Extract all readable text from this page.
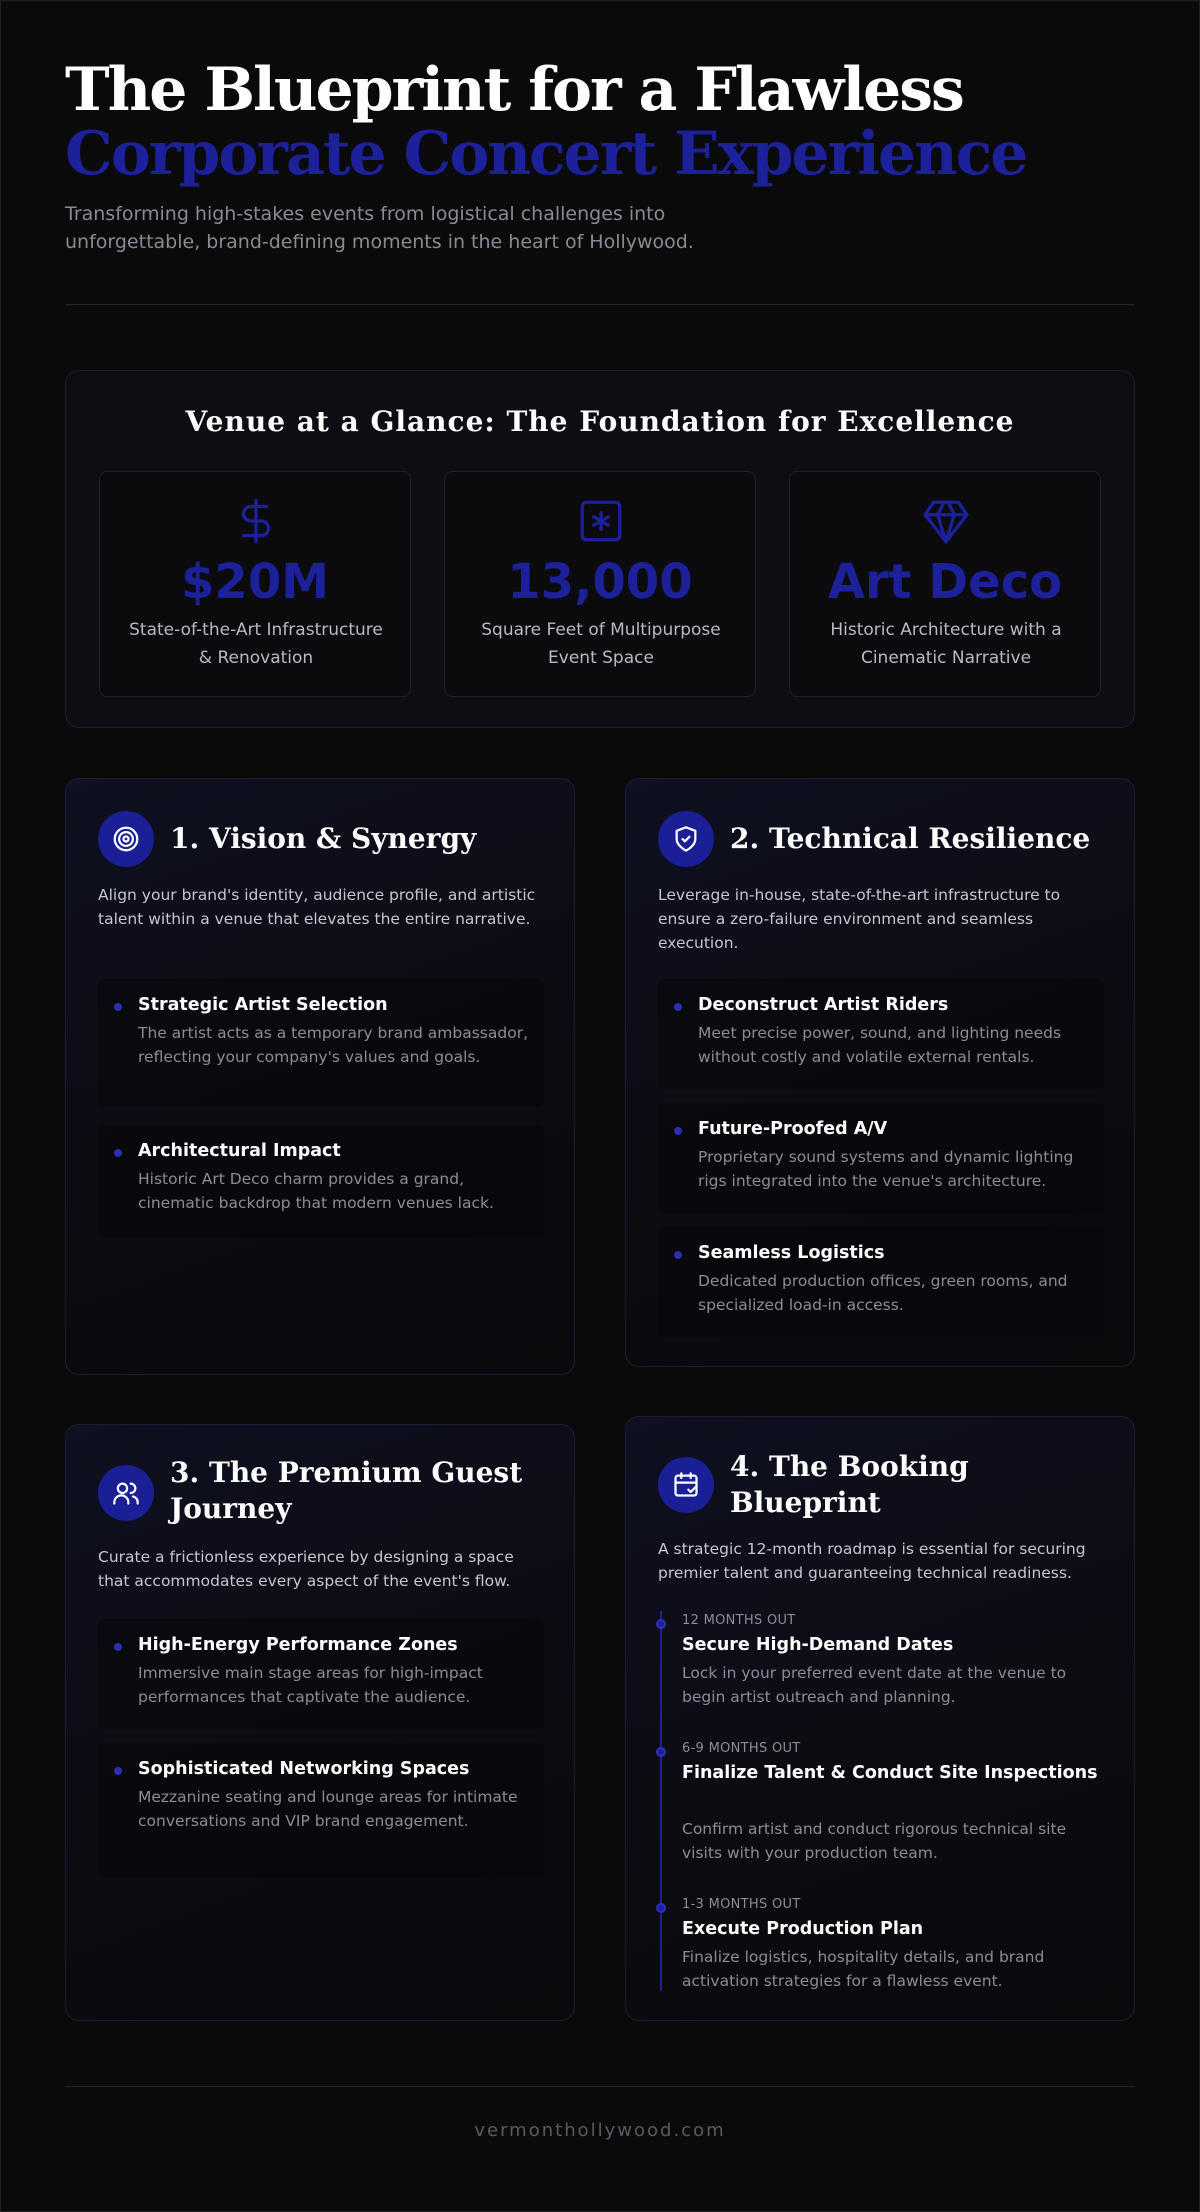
The Blueprint for a Flawless
Corporate Concert Experience
Transforming high-stakes events from logistical challenges into unforgettable, brand-defining moments in the heart of Hollywood.
Venue at a Glance: The Foundation for Excellence
$20M
State-of-the-Art Infrastructure & Renovation
13,000
Square Feet of Multipurpose Event Space
Art Deco
Historic Architecture with a Cinematic Narrative
1. Vision & Synergy
Align your brand's identity, audience profile, and artistic talent within a venue that elevates the entire narrative.
Strategic Artist Selection
The artist acts as a temporary brand ambassador, reflecting your company's values and goals.
Architectural Impact
Historic Art Deco charm provides a grand, cinematic backdrop that modern venues lack.
2. Technical Resilience
Leverage in-house, state-of-the-art infrastructure to ensure a zero-failure environment and seamless execution.
Deconstruct Artist Riders
Meet precise power, sound, and lighting needs without costly and volatile external rentals.
Future-Proofed A/V
Proprietary sound systems and dynamic lighting rigs integrated into the venue's architecture.
Seamless Logistics
Dedicated production offices, green rooms, and specialized load-in access.
3. The Premium Guest Journey
Curate a frictionless experience by designing a space that accommodates every aspect of the event's flow.
High-Energy Performance Zones
Immersive main stage areas for high-impact performances that captivate the audience.
Sophisticated Networking Spaces
Mezzanine seating and lounge areas for intimate conversations and VIP brand engagement.
4. The Booking Blueprint
A strategic 12-month roadmap is essential for securing premier talent and guaranteeing technical readiness.
12 MONTHS OUT
Secure High-Demand Dates
Lock in your preferred event date at the venue to begin artist outreach and planning.
6-9 MONTHS OUT
Finalize Talent & Conduct Site Inspections
Confirm artist and conduct rigorous technical site visits with your production team.
1-3 MONTHS OUT
Execute Production Plan
Finalize logistics, hospitality details, and brand activation strategies for a flawless event.
vermonthollywood.com
